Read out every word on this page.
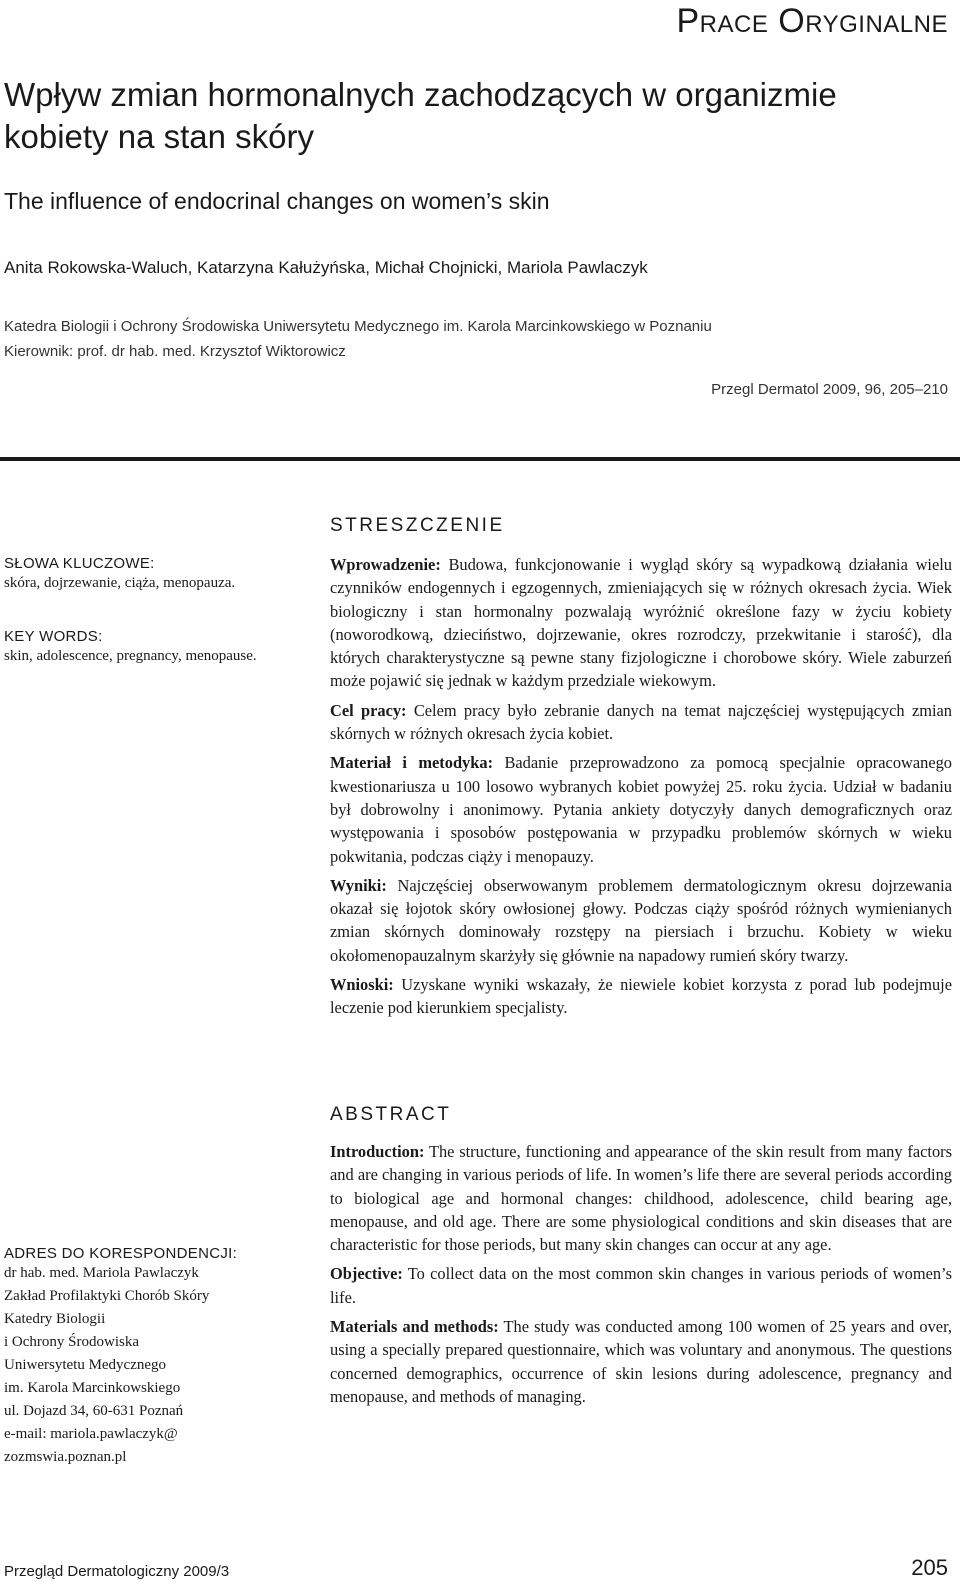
Prace Oryginalne
Wpływ zmian hormonalnych zachodzących w organizmie kobiety na stan skóry
The influence of endocrinal changes on women’s skin
Anita Rokowska-Waluch, Katarzyna Kałużyńska, Michał Chojnicki, Mariola Pawlaczyk
Katedra Biologii i Ochrony Środowiska Uniwersytetu Medycznego im. Karola Marcinkowskiego w Poznaniu
Kierownik: prof. dr hab. med. Krzysztof Wiktorowicz
Przegl Dermatol 2009, 96, 205–210
SŁOWA KLUCZOWE:
skóra, dojrzewanie, ciąża, menopauza.
KEY WORDS:
skin, adolescence, pregnancy, menopause.
ADRES DO KORESPONDENCJI:
dr hab. med. Mariola Pawlaczyk
Zakład Profilaktyki Chorób Skóry
Katedry Biologii
i Ochrony Środowiska
Uniwersytetu Medycznego
im. Karola Marcinkowskiego
ul. Dojazd 34, 60-631 Poznań
e-mail: mariola.pawlaczyk@
zozmswia.poznan.pl
STRESZCZENIE

Wprowadzenie: Budowa, funkcjonowanie i wygląd skóry są wypadkową działania wielu czynników endogennych i egzogennych, zmieniających się w różnych okresach życia. Wiek biologiczny i stan hormonalny pozwalają wyróżnić określone fazy w życiu kobiety (noworodkową, dzieciństwo, dojrzewanie, okres rozrodczy, przekwitanie i starość), dla których charakterystyczne są pewne stany fizjologiczne i chorobowe skóry. Wiele zaburzeń może pojawić się jednak w każdym przedziale wiekowym.

Cel pracy: Celem pracy było zebranie danych na temat najczęściej występujących zmian skórnych w różnych okresach życia kobiet.

Materiał i metodyka: Badanie przeprowadzono za pomocą specjalnie opracowanego kwestionariusza u 100 losowo wybranych kobiet powyżej 25. roku życia. Udział w badaniu był dobrowolny i anonimowy. Pytania ankiety dotyczyły danych demograficznych oraz występowania i sposobów postępowania w przypadku problemów skórnych w wieku pokwitania, podczas ciąży i menopauzy.

Wyniki: Najczęściej obserwowanym problemem dermatologicznym okresu dojrzewania okazał się łojotok skóry owłosionej głowy. Podczas ciąży spośród różnych wymienianych zmian skórnych dominowały rozstępy na piersiach i brzuchu. Kobiety w wieku okołomenopauzalnym skarżyły się głównie na napadowy rumień skóry twarzy.

Wnioski: Uzyskane wyniki wskazały, że niewiele kobiet korzysta z porad lub podejmuje leczenie pod kierunkiem specjalisty.

ABSTRACT

Introduction: The structure, functioning and appearance of the skin result from many factors and are changing in various periods of life. In women’s life there are several periods according to biological age and hormonal changes: childhood, adolescence, child bearing age, menopause, and old age. There are some physiological conditions and skin diseases that are characteristic for those periods, but many skin changes can occur at any age.

Objective: To collect data on the most common skin changes in various periods of women’s life.

Materials and methods: The study was conducted among 100 women of 25 years and over, using a specially prepared questionnaire, which was voluntary and anonymous. The questions concerned demographics, occurrence of skin lesions during adolescence, pregnancy and menopause, and methods of managing.

Przegląd Dermatologiczny 2009/3	205
